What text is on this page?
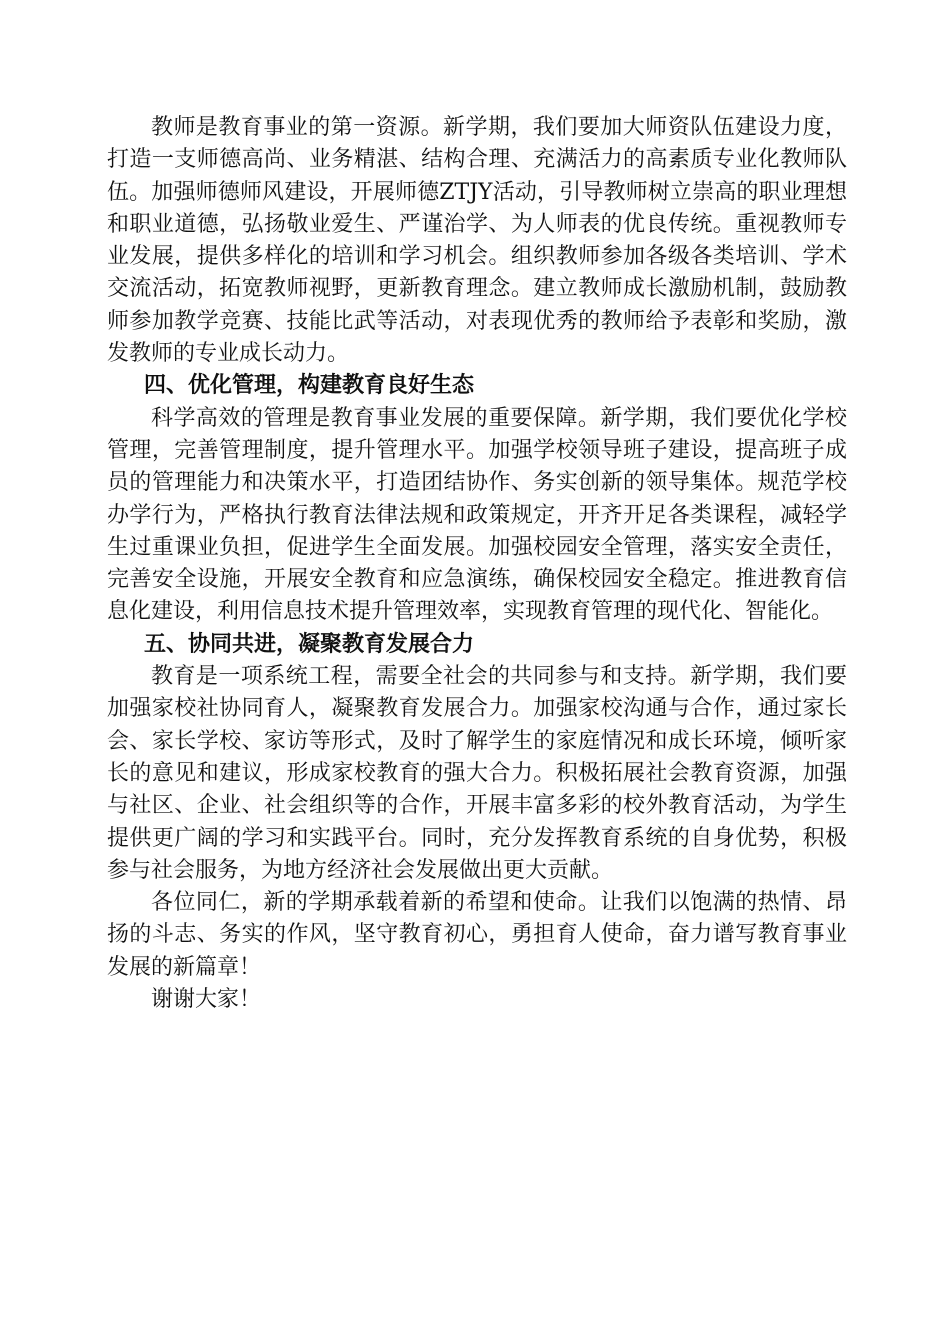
教师是教育事业的第一资源。新学期，我们要加大师资队伍建设力度，打造一支师德高尚、业务精湛、结构合理、充满活力的高素质专业化教师队伍。加强师德师风建设，开展师德ZTJY活动，引导教师树立崇高的职业理想和职业道德，弘扬敬业爱生、严谨治学、为人师表的优良传统。重视教师专业发展，提供多样化的培训和学习机会。组织教师参加各级各类培训、学术交流活动，拓宽教师视野，更新教育理念。建立教师成长激励机制，鼓励教师参加教学竞赛、技能比武等活动，对表现优秀的教师给予表彰和奖励，激发教师的专业成长动力。

四、优化管理，构建教育良好生态

科学高效的管理是教育事业发展的重要保障。新学期，我们要优化学校管理，完善管理制度，提升管理水平。加强学校领导班子建设，提高班子成员的管理能力和决策水平，打造团结协作、务实创新的领导集体。规范学校办学行为，严格执行教育法律法规和政策规定，开齐开足各类课程，减轻学生过重课业负担，促进学生全面发展。加强校园安全管理，落实安全责任，完善安全设施，开展安全教育和应急演练，确保校园安全稳定。推进教育信息化建设，利用信息技术提升管理效率，实现教育管理的现代化、智能化。

五、协同共进，凝聚教育发展合力

教育是一项系统工程，需要全社会的共同参与和支持。新学期，我们要加强家校社协同育人，凝聚教育发展合力。加强家校沟通与合作，通过家长会、家长学校、家访等形式，及时了解学生的家庭情况和成长环境，倾听家长的意见和建议，形成家校教育的强大合力。积极拓展社会教育资源，加强与社区、企业、社会组织等的合作，开展丰富多彩的校外教育活动，为学生提供更广阔的学习和实践平台。同时，充分发挥教育系统的自身优势，积极参与社会服务，为地方经济社会发展做出更大贡献。

各位同仁，新的学期承载着新的希望和使命。让我们以饱满的热情、昂扬的斗志、务实的作风，坚守教育初心，勇担育人使命，奋力谱写教育事业发展的新篇章！

谢谢大家！
